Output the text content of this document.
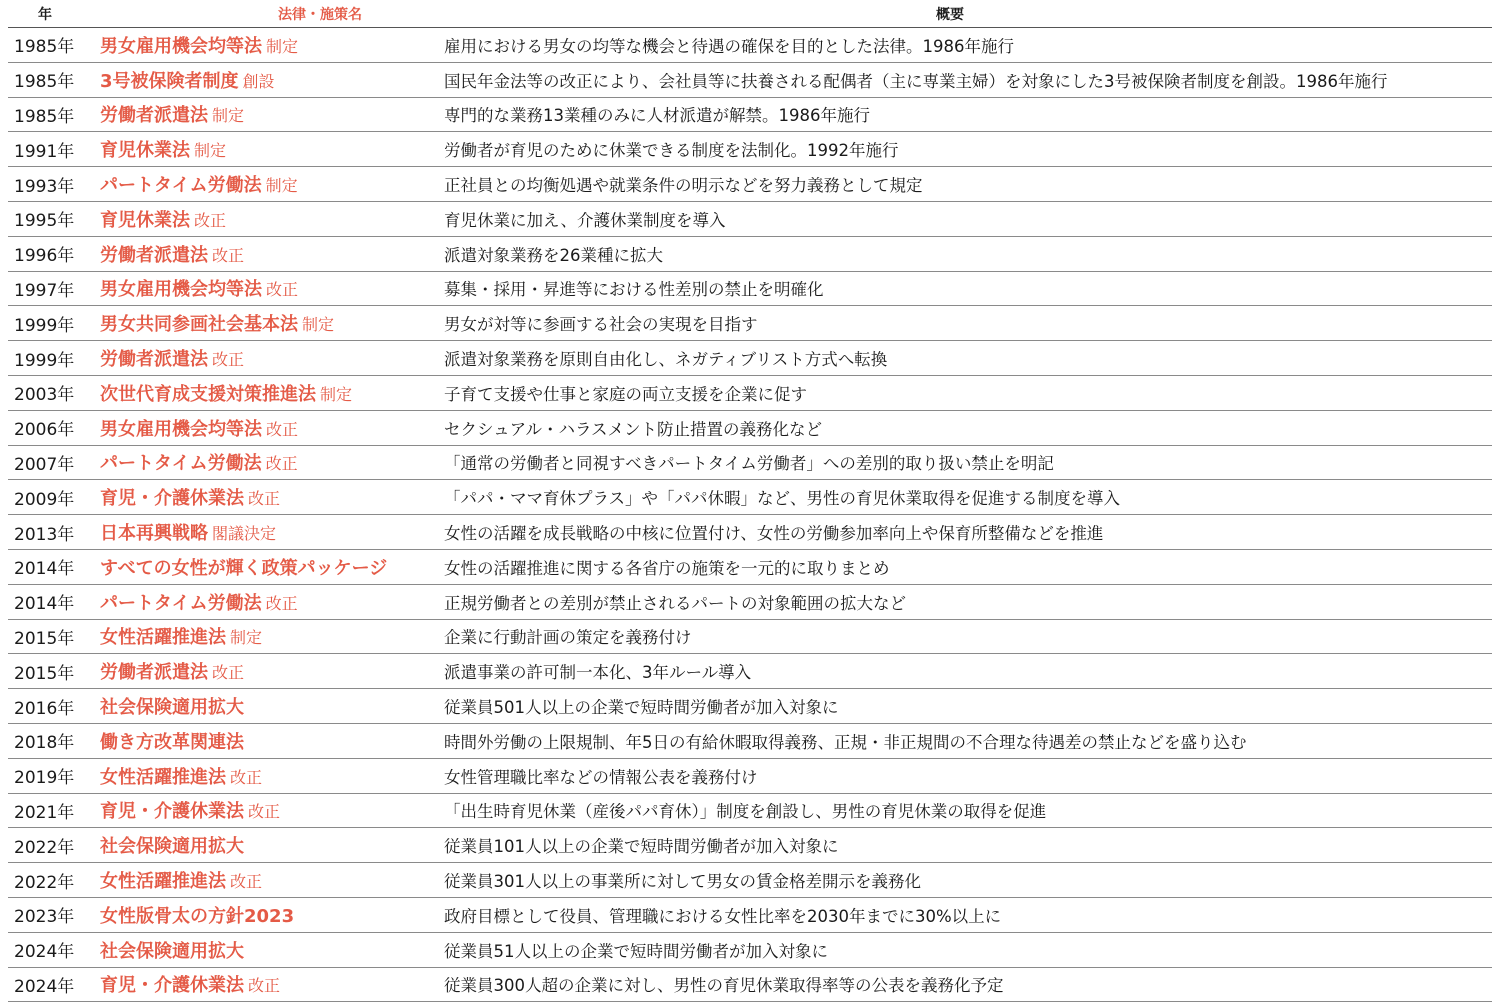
年	法律・施策名	概要
1985年	男女雇用機会均等法 制定	雇用における男女の均等な機会と待遇の確保を目的とした法律。1986年施行
1985年	3号被保険者制度 創設	国民年金法等の改正により、会社員等に扶養される配偶者（主に専業主婦）を対象にした3号被保険者制度を創設。1986年施行
1985年	労働者派遣法 制定	専門的な業務13業種のみに人材派遣が解禁。1986年施行
1991年	育児休業法 制定	労働者が育児のために休業できる制度を法制化。1992年施行
1993年	パートタイム労働法 制定	正社員との均衡処遇や就業条件の明示などを努力義務として規定
1995年	育児休業法 改正	育児休業に加え、介護休業制度を導入
1996年	労働者派遣法 改正	派遣対象業務を26業種に拡大
1997年	男女雇用機会均等法 改正	募集・採用・昇進等における性差別の禁止を明確化
1999年	男女共同参画社会基本法 制定	男女が対等に参画する社会の実現を目指す
1999年	労働者派遣法 改正	派遣対象業務を原則自由化し、ネガティブリスト方式へ転換
2003年	次世代育成支援対策推進法 制定	子育て支援や仕事と家庭の両立支援を企業に促す
2006年	男女雇用機会均等法 改正	セクシュアル・ハラスメント防止措置の義務化など
2007年	パートタイム労働法 改正	「通常の労働者と同視すべきパートタイム労働者」への差別的取り扱い禁止を明記
2009年	育児・介護休業法 改正	「パパ・ママ育休プラス」や「パパ休暇」など、男性の育児休業取得を促進する制度を導入
2013年	日本再興戦略 閣議決定	女性の活躍を成長戦略の中核に位置付け、女性の労働参加率向上や保育所整備などを推進
2014年	すべての女性が輝く政策パッケージ	女性の活躍推進に関する各省庁の施策を一元的に取りまとめ
2014年	パートタイム労働法 改正	正規労働者との差別が禁止されるパートの対象範囲の拡大など
2015年	女性活躍推進法 制定	企業に行動計画の策定を義務付け
2015年	労働者派遣法 改正	派遣事業の許可制一本化、3年ルール導入
2016年	社会保険適用拡大	従業員501人以上の企業で短時間労働者が加入対象に
2018年	働き方改革関連法	時間外労働の上限規制、年5日の有給休暇取得義務、正規・非正規間の不合理な待遇差の禁止などを盛り込む
2019年	女性活躍推進法 改正	女性管理職比率などの情報公表を義務付け
2021年	育児・介護休業法 改正	「出生時育児休業（産後パパ育休）」制度を創設し、男性の育児休業の取得を促進
2022年	社会保険適用拡大	従業員101人以上の企業で短時間労働者が加入対象に
2022年	女性活躍推進法 改正	従業員301人以上の事業所に対して男女の賃金格差開示を義務化
2023年	女性版骨太の方針2023	政府目標として役員、管理職における女性比率を2030年までに30%以上に
2024年	社会保険適用拡大	従業員51人以上の企業で短時間労働者が加入対象に
2024年	育児・介護休業法 改正	従業員300人超の企業に対し、男性の育児休業取得率等の公表を義務化予定
